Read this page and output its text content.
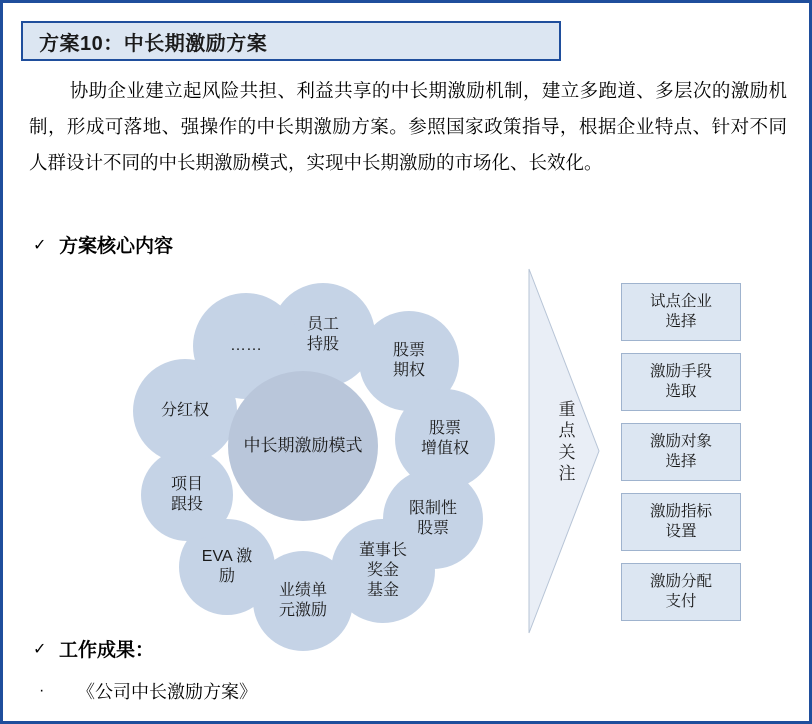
方案10：中长期激励方案
协助企业建立起风险共担、利益共享的中长期激励机制，建立多跑道、多层次的激励机制，形成可落地、强操作的中长期激励方案。参照国家政策指导，根据企业特点、针对不同人群设计不同的中长期激励模式，实现中长期激励的市场化、长效化。
✓ 方案核心内容
中长期激励模式
员工
持股	股票
期权
股票
增值权
限制性
股票
董事长
奖金
基金
业绩单
元激励
EVA 激
励
项目
跟投
分红权
……
重点关注
试点企业
选择
激励手段
选取
激励对象
选择
激励指标
设置
激励分配
支付
✓ 工作成果：
·	《公司中长激励方案》
